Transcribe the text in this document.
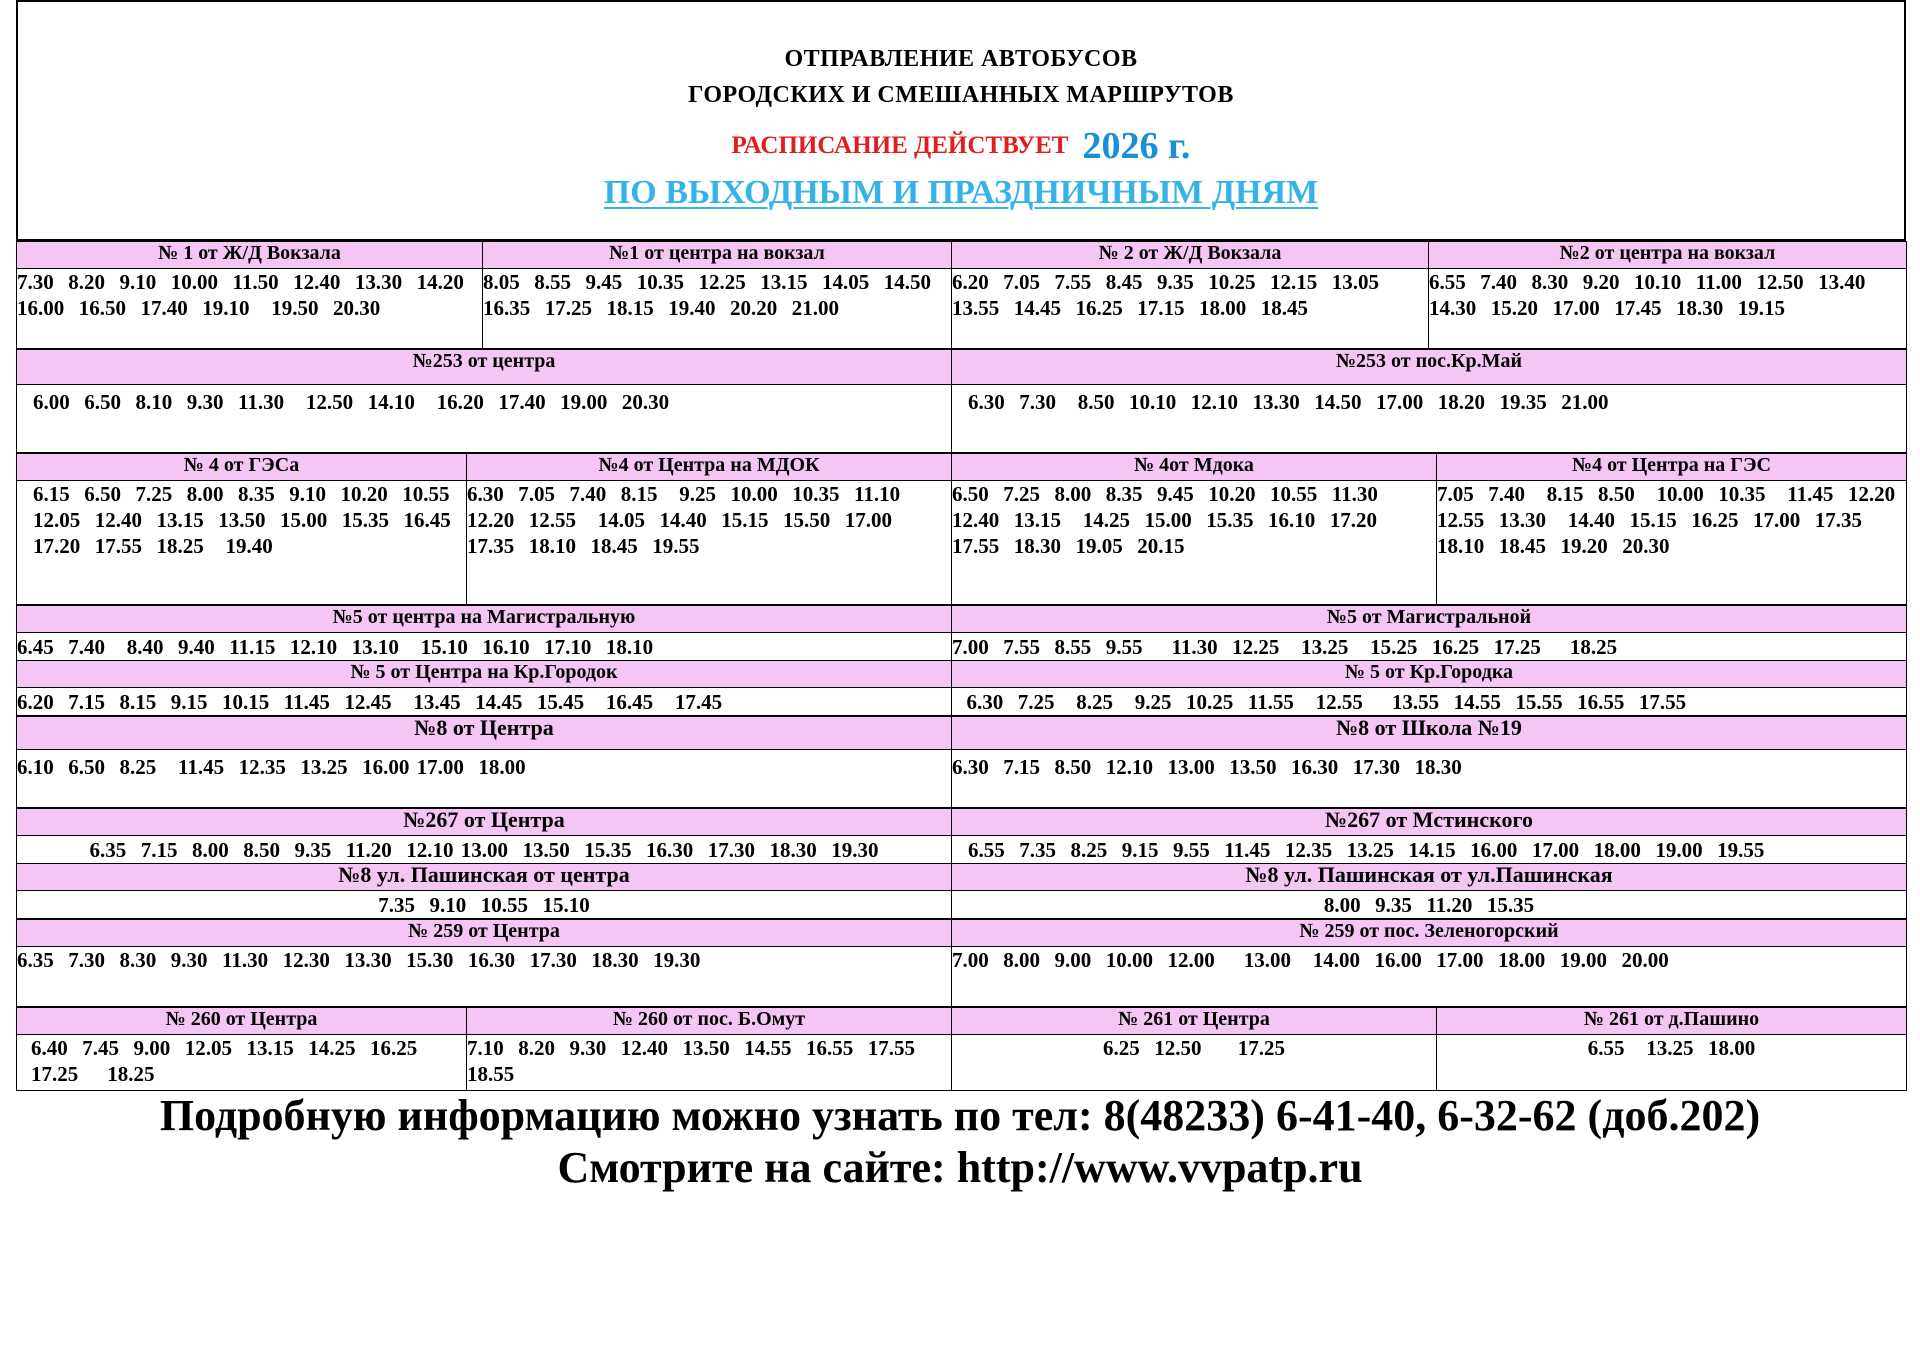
ОТПРАВЛЕНИЕ АВТОБУСОВ
ГОРОДСКИХ И СМЕШАННЫХ МАРШРУТОВ
РАСПИСАНИЕ ДЕЙСТВУЕТ 2026 г.
ПО ВЫХОДНЫМ И ПРАЗДНИЧНЫМ ДНЯМ
№ 1 от Ж/Д Вокзала	№1 от центра на вокзал	№ 2 от Ж/Д Вокзала	№2 от центра на вокзал
7.30  8.20  9.10  10.00  11.50  12.40  13.30  14.20  16.00  16.50  17.40  19.10   19.50  20.30	8.05  8.55  9.45  10.35  12.25  13.15  14.05  14.50  16.35  17.25  18.15  19.40  20.20  21.00	6.20  7.05  7.55  8.45  9.35  10.25  12.15  13.05  13.55  14.45  16.25  17.15  18.00  18.45	6.55  7.40  8.30  9.20  10.10  11.00  12.50  13.40  14.30  15.20  17.00  17.45  18.30  19.15
№253 от центра	№253 от пос.Кр.Май
6.00  6.50  8.10  9.30  11.30   12.50  14.10   16.20  17.40  19.00  20.30	6.30  7.30   8.50  10.10  12.10  13.30  14.50  17.00  18.20  19.35  21.00
№ 4 от ГЭСа	№4 от Центра на МДОК	№ 4от Мдока	№4 от Центра на ГЭС
6.15  6.50  7.25  8.00  8.35  9.10  10.20  10.55  12.05  12.40  13.15  13.50  15.00  15.35  16.45  17.20  17.55  18.25   19.40	6.30  7.05  7.40  8.15   9.25  10.00  10.35  11.10  12.20  12.55   14.05  14.40  15.15  15.50  17.00  17.35  18.10  18.45  19.55	6.50  7.25  8.00  8.35  9.45  10.20  10.55  11.30  12.40  13.15   14.25  15.00  15.35  16.10  17.20  17.55  18.30  19.05  20.15	7.05  7.40   8.15  8.50   10.00  10.35   11.45  12.20  12.55  13.30   14.40  15.15  16.25  17.00  17.35  18.10  18.45  19.20  20.30
№5 от центра на Магистральную	№5 от Магистральной
6.45  7.40   8.40  9.40  11.15  12.10  13.10   15.10  16.10  17.10  18.10	7.00  7.55  8.55  9.55    11.30  12.25   13.25   15.25  16.25  17.25    18.25
№ 5 от Центра на Кр.Городок	№ 5 от Кр.Городка
6.20  7.15  8.15  9.15  10.15  11.45  12.45   13.45  14.45  15.45   16.45   17.45	6.30  7.25   8.25   9.25  10.25  11.55   12.55    13.55  14.55  15.55  16.55  17.55
№8 от Центра	№8 от Школа №19
6.10  6.50  8.25   11.45  12.35  13.25  16.00 17.00  18.00	6.30  7.15  8.50  12.10  13.00  13.50  16.30  17.30  18.30
№267 от Центра	№267 от Мстинского
6.35  7.15  8.00  8.50  9.35  11.20  12.10 13.00  13.50  15.35  16.30  17.30  18.30  19.30	6.55  7.35  8.25  9.15  9.55  11.45  12.35  13.25  14.15  16.00  17.00  18.00  19.00  19.55
№8 ул. Пашинская от центра	№8 ул. Пашинская от ул.Пашинская
7.35  9.10  10.55  15.10	8.00  9.35  11.20  15.35
№ 259 от Центра	№ 259 от пос. Зеленогорский
6.35  7.30  8.30  9.30  11.30  12.30  13.30  15.30  16.30  17.30  18.30  19.30	7.00  8.00  9.00  10.00  12.00    13.00   14.00  16.00  17.00  18.00  19.00  20.00
№ 260 от Центра	№ 260 от пос. Б.Омут	№ 261 от Центра	№ 261 от д.Пашино
6.40  7.45  9.00  12.05  13.15  14.25  16.25  17.25    18.25	7.10  8.20  9.30  12.40  13.50  14.55  16.55  17.55  18.55	6.25  12.50     17.25	6.55   13.25  18.00
Подробную информацию можно узнать по тел: 8(48233) 6-41-40, 6-32-62 (доб.202)
Смотрите на сайте: http://www.vvpatp.ru
